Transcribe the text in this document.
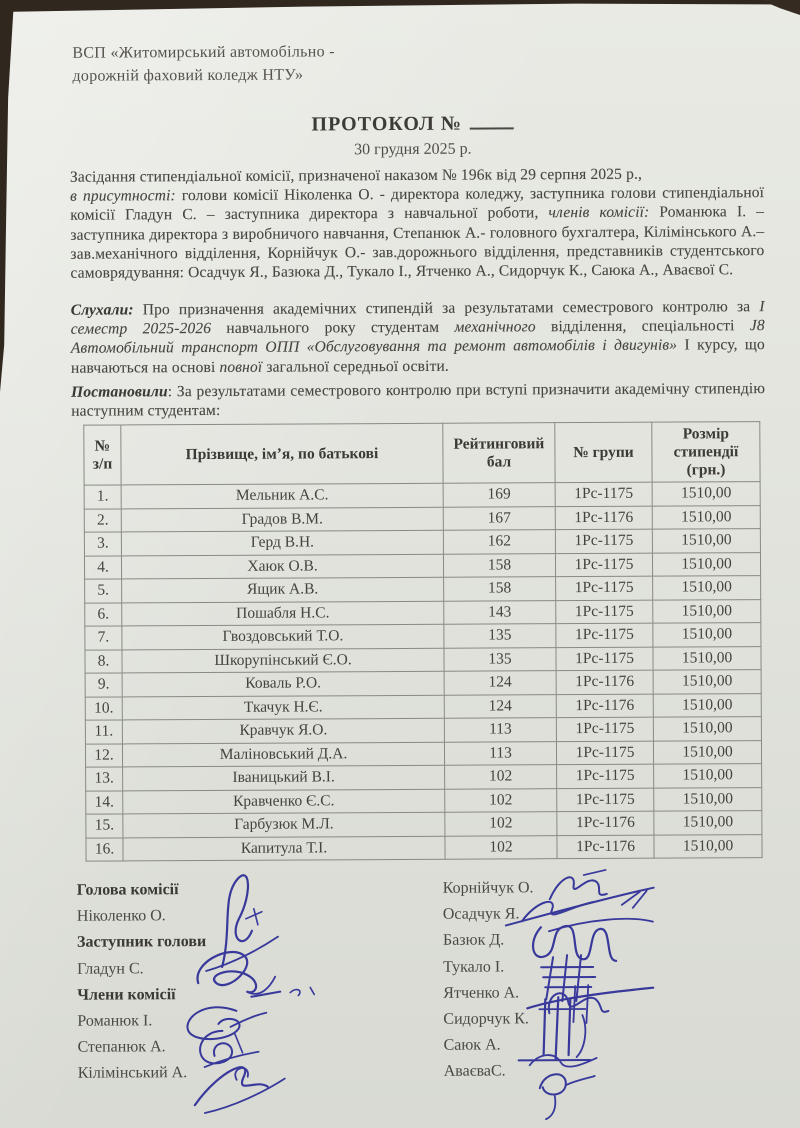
ВСП «Житомирський автомобільно -
дорожній фаховий коледж НТУ»
ПРОТОКОЛ №
30 грудня 2025 р.
Засідання стипендіальної комісії, призначеної наказом № 196к від 29 серпня 2025 р.,
в присутності: голови комісії Ніколенка О. - директора коледжу, заступника голови стипендіальної комісії Гладун С. – заступника директора з навчальної роботи, членів комісії: Романюка І. – заступника директора з виробничого навчання, Степанюк А.- головного бухгалтера, Кілімінського А.– зав.механічного відділення, Корнійчук О.- зав.дорожнього відділення, представників студентського самоврядування: Осадчук Я., Базюка Д., Тукало І., Ятченко А., Сидорчук К., Саюка А., Аваєвої С.
Слухали: Про призначення академічних стипендій за результатами семестрового контролю за І семестр 2025-2026 навчального року студентам механічного відділення, спеціальності J8 Автомобільний транспорт ОПП «Обслуговування та ремонт автомобілів і двигунів» І курсу, що навчаються на основі повної загальної середньої освіти.
Постановили: За результатами семестрового контролю при вступі призначити академічну стипендію наступним студентам:
№ з/п	Прізвище, ім’я, по батькові	Рейтинговий бал	№ групи	Розмір стипендії (грн.)
1.	Мельник А.С.	169	1Рс-1175	1510,00
2.	Градов В.М.	167	1Рс-1176	1510,00
3.	Герд В.Н.	162	1Рс-1175	1510,00
4.	Хаюк О.В.	158	1Рс-1175	1510,00
5.	Ящик А.В.	158	1Рс-1175	1510,00
6.	Пошабля Н.С.	143	1Рс-1175	1510,00
7.	Гвоздовський Т.О.	135	1Рс-1175	1510,00
8.	Шкорупінський Є.О.	135	1Рс-1175	1510,00
9.	Коваль Р.О.	124	1Рс-1176	1510,00
10.	Ткачук Н.Є.	124	1Рс-1176	1510,00
11.	Кравчук Я.О.	113	1Рс-1175	1510,00
12.	Маліновський Д.А.	113	1Рс-1175	1510,00
13.	Іваницький В.І.	102	1Рс-1175	1510,00
14.	Кравченко Є.С.	102	1Рс-1175	1510,00
15.	Гарбузюк М.Л.	102	1Рс-1176	1510,00
16.	Капитула Т.І.	102	1Рс-1176	1510,00
Голова комісії
Ніколенко О.
Заступник голови
Гладун С.
Члени комісії
Романюк І.
Степанюк А.
Кілімінський А.
Корнійчук О.
Осадчук Я.
Базюк Д.
Тукало І.
Ятченко А.
Сидорчук К.
Саюк А.
АваєваС.
